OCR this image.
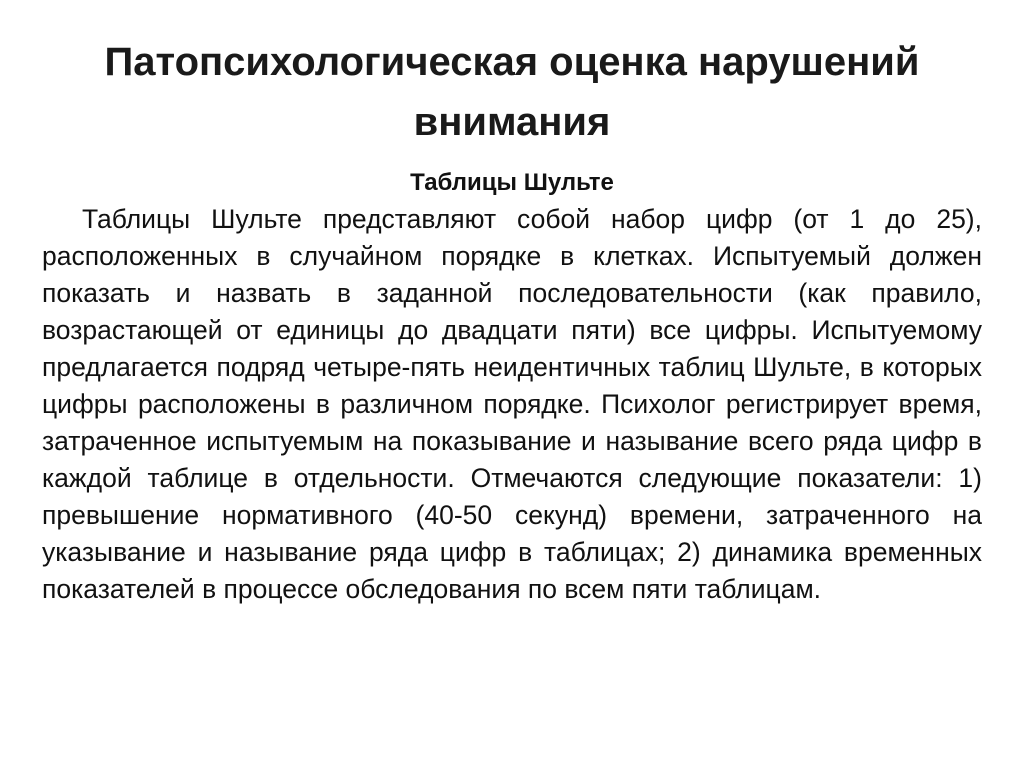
Патопсихологическая оценка нарушений внимания
Таблицы Шульте

Таблицы Шульте представляют собой набор цифр (от 1 до 25), расположенных в случайном порядке в клетках. Испытуемый должен показать и назвать в заданной последовательности (как правило, возрастающей от единицы до двадцати пяти) все цифры. Испытуемому предлагается подряд четыре-пять неидентичных таблиц Шульте, в которых цифры расположены в различном порядке. Психолог регистрирует время, затраченное испытуемым на показывание и называние всего ряда цифр в каждой таблице в отдельности. Отмечаются следующие показатели: 1) превышение нормативного (40-50 секунд) времени, затраченного на указывание и называние ряда цифр в таблицах; 2) динамика временных показателей в процессе обследования по всем пяти таблицам.
